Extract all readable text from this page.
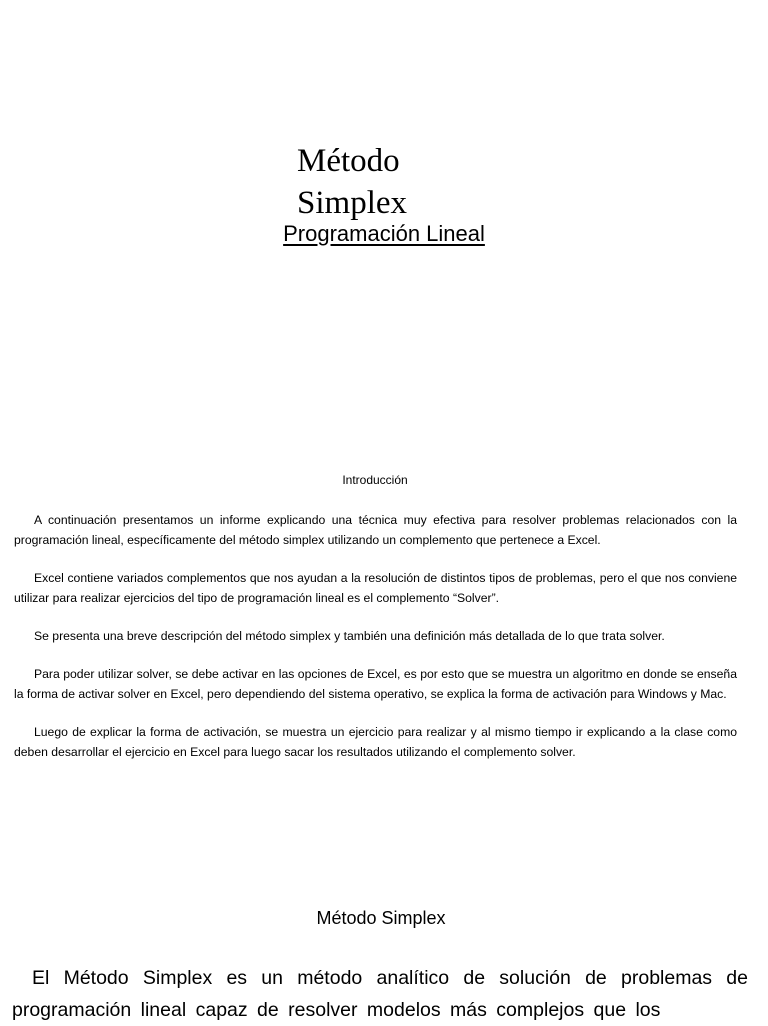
Método
Simplex
Programación Lineal
Introducción

A continuación presentamos un informe explicando una técnica muy efectiva para resolver problemas relacionados con la programación lineal, específicamente del método simplex utilizando un complemento que pertenece a Excel.

Excel contiene variados complementos que nos ayudan a la resolución de distintos tipos de problemas, pero el que nos conviene utilizar para realizar ejercicios del tipo de programación lineal es el complemento “Solver”.

Se presenta una breve descripción del método simplex y también una definición más detallada de lo que trata solver.

Para poder utilizar solver, se debe activar en las opciones de Excel, es por esto que se muestra un algoritmo en donde se enseña la forma de activar solver en Excel, pero dependiendo del sistema operativo, se explica la forma de activación para Windows y Mac.

Luego de explicar la forma de activación, se muestra un ejercicio para realizar y al mismo tiempo ir explicando a la clase como deben desarrollar el ejercicio en Excel para luego sacar los resultados utilizando el complemento solver.

Método Simplex
El Método Simplex es un método analítico de solución de problemas de programación lineal capaz de resolver modelos más complejos que los
